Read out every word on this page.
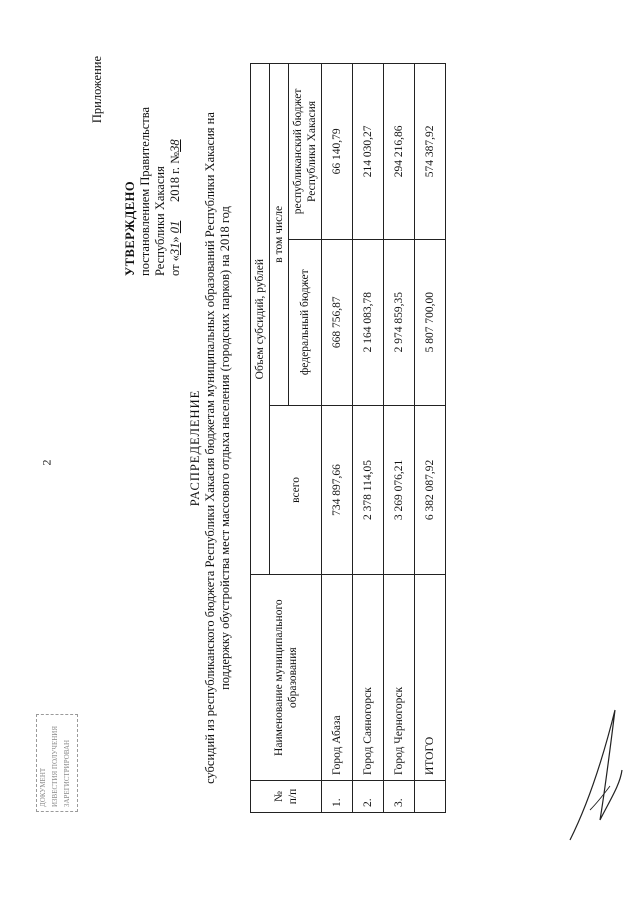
2
ДОКУМЕНТ ИЗВЕСТИЯ ПОЛУЧЕНИЯ ЗАРЕГИСТРИРОВАН
Приложение
УТВЕРЖДЕНО постановлением Правительства Республики Хакасия от «31» 01      2018 г. №38
РАСПРЕДЕЛЕНИЕ субсидий из республиканского бюджета Республики Хакасия бюджетам муниципальных образований Республики Хакасия на поддержку обустройства мест массового отдыха населения (городских парков) на 2018 год
№ п/п	Наименование муниципального образования	Объем субсидий, рублей		
		всего	в том числе	
			федеральный бюджет	республиканский бюджет Республики Хакасия
1.	Город Абаза	734 897,66	668 756,87	66 140,79
2.	Город Саяногорск	2 378 114,05	2 164 083,78	214 030,27
3.	Город Черногорск	3 269 076,21	2 974 859,35	294 216,86
	ИТОГО	6 382 087,92	5 807 700,00	574 387,92
